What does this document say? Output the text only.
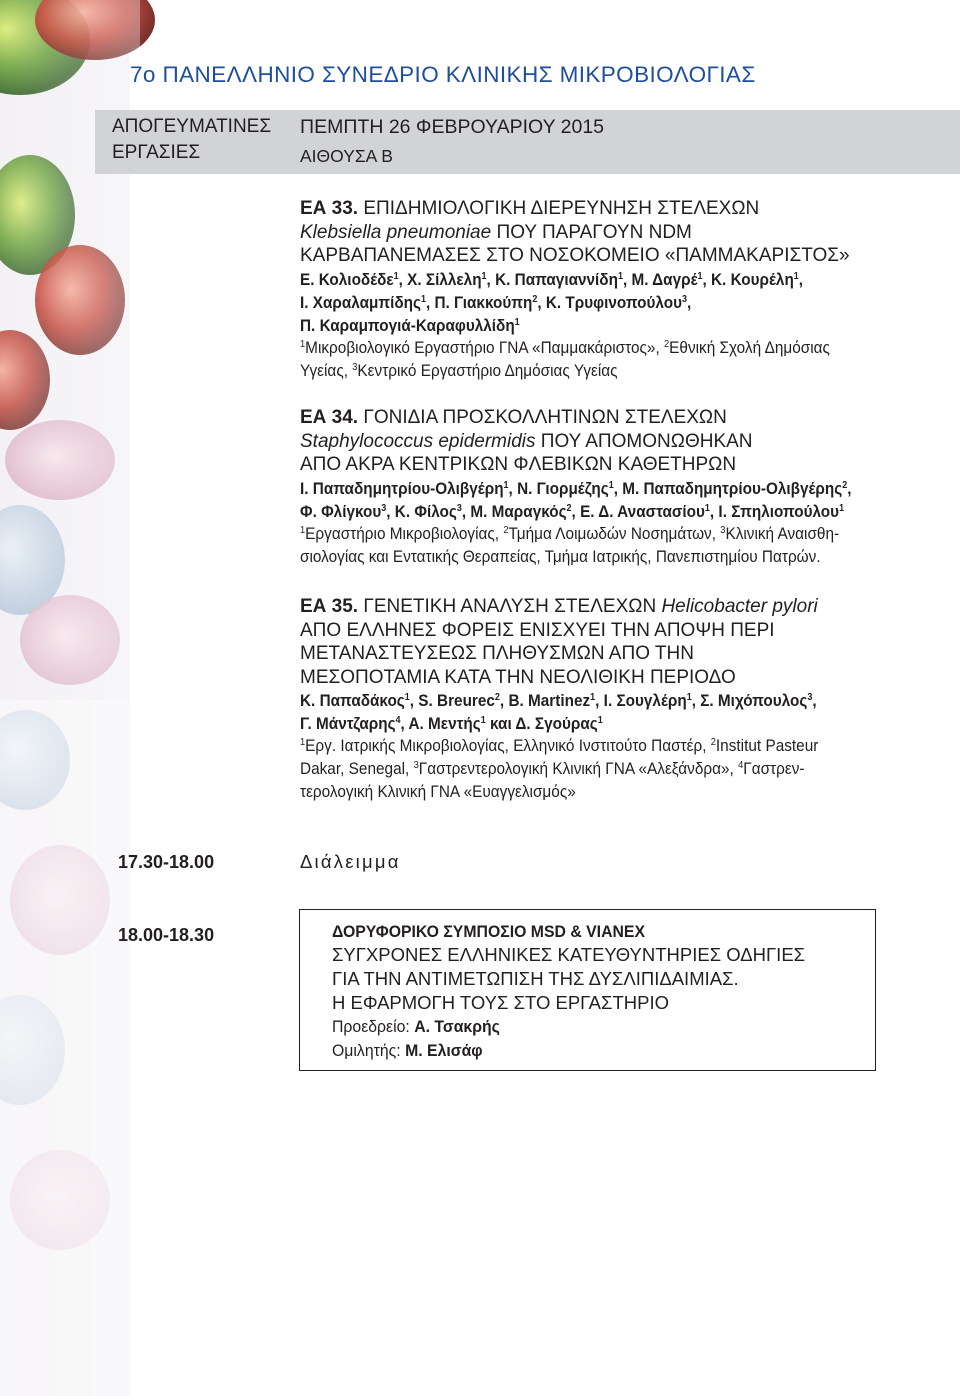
7ο ΠΑΝΕΛΛΗΝΙΟ ΣΥΝΕΔΡΙΟ ΚΛΙΝΙΚΗΣ ΜΙΚΡΟΒΙΟΛΟΓΙΑΣ
ΑΠΟΓΕΥΜΑΤΙΝΕΣ
ΕΡΓΑΣΙΕΣ
ΠΕΜΠΤΗ 26 ΦΕΒΡΟΥΑΡΙΟΥ 2015
ΑΙΘΟΥΣΑ Β
ΕΑ 33. ΕΠΙΔΗΜΙΟΛΟΓΙΚΗ ΔΙΕΡΕΥΝΗΣΗ ΣΤΕΛΕΧΩΝ
Klebsiella pneumoniae ΠΟΥ ΠΑΡΑΓΟΥΝ NDM
ΚΑΡΒΑΠΑΝΕΜΑΣΕΣ ΣΤΟ ΝΟΣΟΚΟΜΕΙΟ «ΠΑΜΜΑΚΑΡΙΣΤΟΣ»
Ε. Κολιοδέδε$^1$, Χ. Σίλλελη$^1$, Κ. Παπαγιαννίδη$^1$, Μ. Δαγρέ$^1$, Κ. Κουρέλη$^1$,
Ι. Χαραλαμπίδης$^1$, Π. Γιακκούπη$^2$, Κ. Τρυφινοπούλου$^3$,
Π. Καραμπογιά-Καραφυλλίδη$^1$
$^1$Μικροβιολογικό Εργαστήριο ΓΝΑ «Παμμακάριστος», $^2$Εθνική Σχολή Δημόσιας
Υγείας, $^3$Κεντρικό Εργαστήριο Δημόσιας Υγείας
ΕΑ 34. ΓΟΝΙΔΙΑ ΠΡΟΣΚΟΛΛΗΤΙΝΩΝ ΣΤΕΛΕΧΩΝ
Staphylococcus epidermidis ΠΟΥ ΑΠΟΜΟΝΩΘΗΚΑΝ
ΑΠΟ ΑΚΡΑ ΚΕΝΤΡΙΚΩΝ ΦΛΕΒΙΚΩΝ ΚΑΘΕΤΗΡΩΝ
Ι. Παπαδημητρίου-Ολιβγέρη$^1$, Ν. Γιορμέζης$^1$, Μ. Παπαδημητρίου-Ολιβγέρης$^2$,
Φ. Φλίγκου$^3$, Κ. Φίλος$^3$, Μ. Μαραγκός$^2$, Ε. Δ. Αναστασίου$^1$, Ι. Σπηλιοπούλου$^1$
$^1$Εργαστήριο Μικροβιολογίας, $^2$Τμήμα Λοιμωδών Νοσημάτων, $^3$Κλινική Αναισθη-
σιολογίας και Εντατικής Θεραπείας, Τμήμα Ιατρικής, Πανεπιστημίου Πατρών.
ΕΑ 35. ΓΕΝΕΤΙΚΗ ΑΝΑΛΥΣΗ ΣΤΕΛΕΧΩΝ Helicobacter pylori
ΑΠΟ ΕΛΛΗΝΕΣ ΦΟΡΕΙΣ ΕΝΙΣΧΥΕΙ ΤΗΝ ΑΠΟΨΗ ΠΕΡΙ
ΜΕΤΑΝΑΣΤΕΥΣΕΩΣ ΠΛΗΘΥΣΜΩΝ ΑΠΟ ΤΗΝ
ΜΕΣΟΠΟΤΑΜΙΑ ΚΑΤΑ ΤΗΝ ΝΕΟΛΙΘΙΚΗ ΠΕΡΙΟΔΟ
Κ. Παπαδάκος$^1$, S. Breurec$^2$, B. Martinez$^1$, Ι. Σουγλέρη$^1$, Σ. Μιχόπουλος$^3$,
Γ. Μάντζαρης$^4$, Α. Μεντής$^1$ και Δ. Σγούρας$^1$
$^1$Εργ. Ιατρικής Μικροβιολογίας, Ελληνικό Ινστιτούτο Παστέρ, $^2$Institut Pasteur
Dakar, Senegal, $^3$Γαστρεντερολογική Κλινική ΓΝΑ «Αλεξάνδρα», $^4$Γαστρεν-
τερολογική Κλινική ΓΝΑ «Ευαγγελισμός»
17.30-18.00	Διάλειμμα
18.00-18.30	ΔΟΡΥΦΟΡΙΚΟ ΣΥΜΠΟΣΙΟ MSD & VIANEX
ΣΥΓΧΡΟΝΕΣ ΕΛΛΗΝΙΚΕΣ ΚΑΤΕΥΘΥΝΤΗΡΙΕΣ ΟΔΗΓΙΕΣ
ΓΙΑ ΤΗΝ ΑΝΤΙΜΕΤΩΠΙΣΗ ΤΗΣ ΔΥΣΛΙΠΙΔΑΙΜΙΑΣ.
Η ΕΦΑΡΜΟΓΗ ΤΟΥΣ ΣΤΟ ΕΡΓΑΣΤΗΡΙΟ
Προεδρείο: Α. Τσακρής
Ομιλητής: Μ. Ελισάφ
